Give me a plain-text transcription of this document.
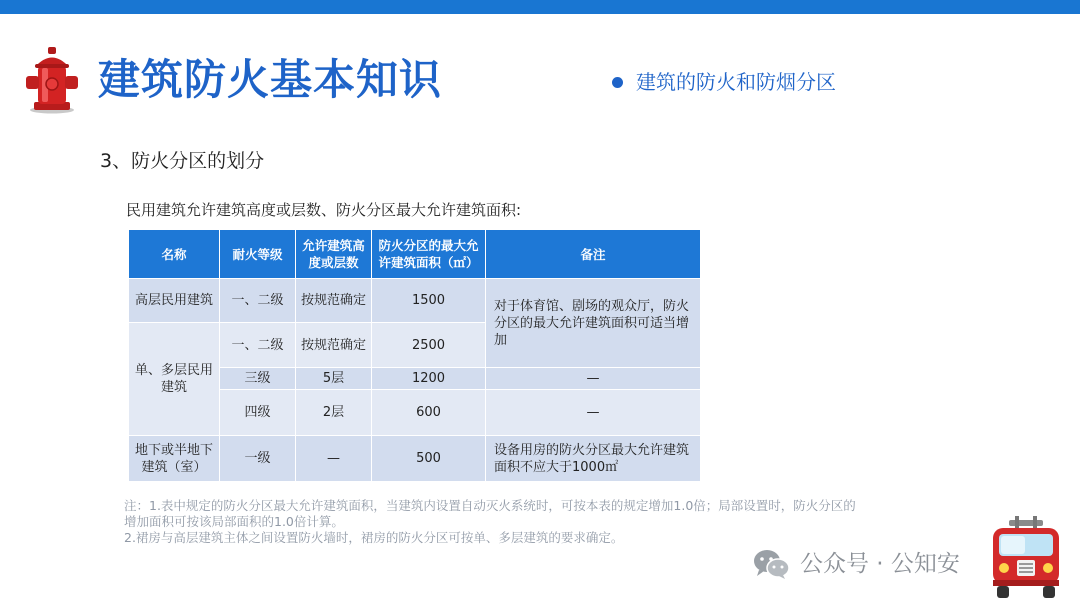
建筑防火基本知识	建筑的防火和防烟分区
3、防火分区的划分
民用建筑允许建筑高度或层数、防火分区最大允许建筑面积:
名称	耐火等级	允许建筑高度或层数	防火分区的最大允许建筑面积（㎡）	备注
高层民用建筑	一、二级	按规范确定	1500	对于体育馆、剧场的观众厅，防火分区的最大允许建筑面积可适当增加
单、多层民用建筑	一、二级	按规范确定	2500	
	三级	5层	1200	—
	四级	2层	600	—
地下或半地下建筑（室）	一级	—	500	设备用房的防火分区最大允许建筑面积不应大于1000㎡
注：1.表中规定的防火分区最大允许建筑面积，当建筑内设置自动灭火系统时，可按本表的规定增加1.0倍；局部设置时，防火分区的增加面积可按该局部面积的1.0倍计算。
2.裙房与高层建筑主体之间设置防火墙时，裙房的防火分区可按单、多层建筑的要求确定。
公众号 · 公知安
